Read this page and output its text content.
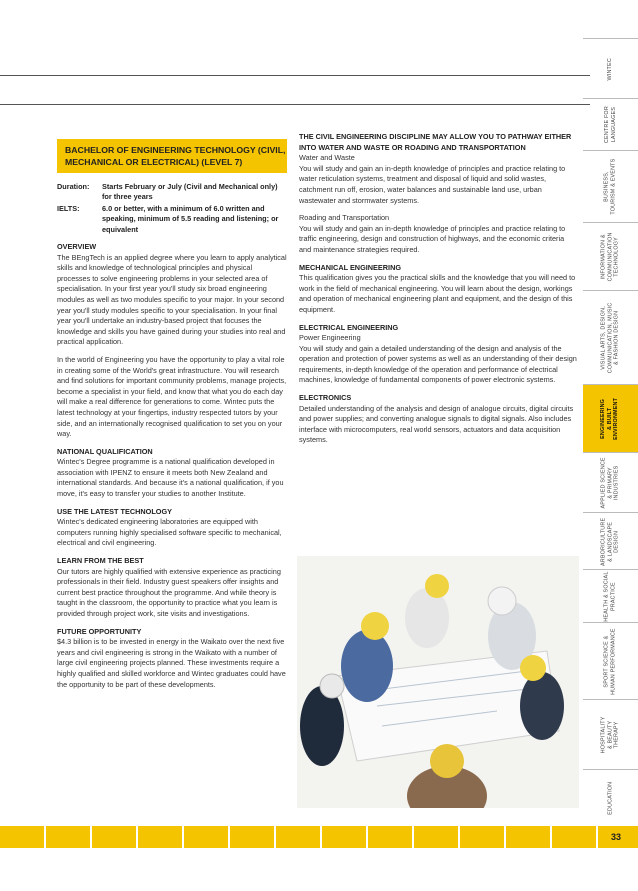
BACHELOR OF ENGINEERING TECHNOLOGY (CIVIL, MECHANICAL OR ELECTRICAL) (LEVEL 7)
Duration:	Starts February or July (Civil and Mechanical only) for three years
IELTS:	6.0 or better, with a minimum of 6.0 written and speaking, minimum of 5.5 reading and listening; or equivalent
OVERVIEW

The BEngTech is an applied degree where you learn to apply analytical skills and knowledge of technological principles and physical processes to solve engineering problems in your selected area of specialisation. In your first year you'll study six broad engineering modules as well as two modules specific to your major. In your second year you'll study modules specific to your specialisation. In your final year you'll undertake an industry-based project that focuses the knowledge and skills you have gained during your studies into real and practical application.

In the world of Engineering you have the opportunity to play a vital role in creating some of the World's great infrastructure. You will research and find solutions for important community problems, manage projects, become a specialist in your field, and know that what you do each day will make a real difference for generations to come. Wintec puts the latest technology at your fingertips, industry respected tutors by your side, and an internationally recognised qualification to set you on your way.

NATIONAL QUALIFICATION

Wintec's Degree programme is a national qualification developed in association with IPENZ to ensure it meets both New Zealand and international standards. And because it's a national qualification, if you move, it's easy to transfer your studies to another Institute.

USE THE LATEST TECHNOLOGY

Wintec's dedicated engineering laboratories are equipped with computers running highly specialised software specific to mechanical, electrical and civil engineering.

LEARN FROM THE BEST

Our tutors are highly qualified with extensive experience as practicing professionals in their field. Industry guest speakers offer insights and current best practice throughout the programme. And while theory is taught in the classroom, the opportunity to practice what you learn is provided through project work, site visits and investigations.

FUTURE OPPORTUNITY

$4.3 billion is to be invested in energy in the Waikato over the next five years and civil engineering is strong in the Waikato with a number of large civil engineering projects planned. These investments require a highly qualified and skilled workforce and Wintec graduates could have the opportunity to be part of these developments.

THE CIVIL ENGINEERING DISCIPLINE MAY ALLOW YOU TO PATHWAY EITHER INTO WATER AND WASTE OR ROADING AND TRANSPORTATION
Water and Waste

You will study and gain an in-depth knowledge of principles and practice relating to water reticulation systems, treatment and disposal of liquid and solid wastes, catchment run off, erosion, water balances and sustainable land use, urban wastewater and stormwater systems.

Roading and Transportation

You will study and gain an in-depth knowledge of principles and practice relating to traffic engineering, design and construction of highways, and the economic criteria and maintenance strategies required.

MECHANICAL ENGINEERING

This qualification gives you the practical skills and the knowledge that you will need to work in the field of mechanical engineering. You will learn about the design, workings and operation of mechanical engineering plant and equipment, and the design of this equipment.

ELECTRICAL ENGINEERING
Power Engineering

You will study and gain a detailed understanding of the design and analysis of the operation and protection of power systems as well as an understanding of their design requirements, in-depth knowledge of the operation and performance of electrical machines, knowledge of fundamental components of power electronic systems.

ELECTRONICS

Detailed understanding of the analysis and design of analogue circuits, digital circuits and power supplies; and converting analogue signals to digital signals. Also includes interface with microcomputers, real world sensors, actuators and data acquisition systems.

WINTEC
CENTRE FOR
LANGUAGES
BUSINESS,
TOURISM & EVENTS
INFORMATION &
COMMUNICATION
TECHNOLOGY
VISUAL ARTS, DESIGN,
COMMUNICATION, MUSIC
& FASHION DESIGN
ENGINEERING
& BUILT
ENVIRONMENT
APPLIED SCIENCE
& PRIMARY
INDUSTRIES
ARBORICULTURE
& LANDSCAPE
DESIGN
HEALTH & SOCIAL
PRACTICE
SPORT SCIENCE &
HUMAN PERFORMANCE
HOSPITALITY
& BEAUTY
THERAPY
EDUCATION
33
